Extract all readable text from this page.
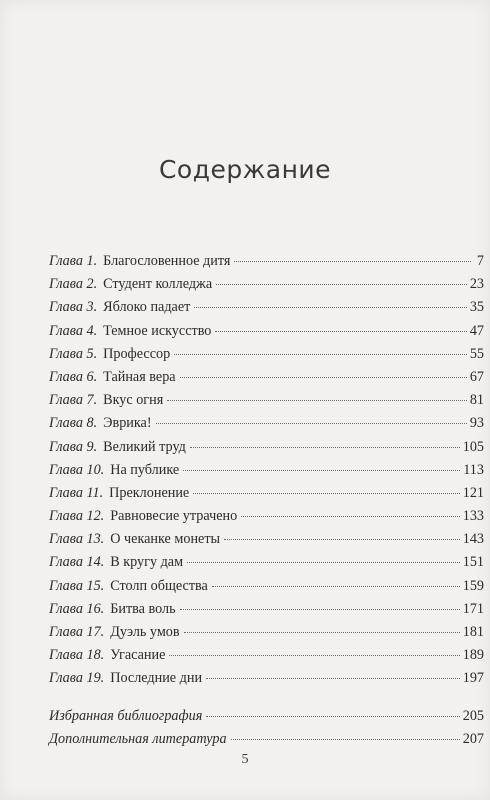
Содержание
Глава 1. Благословенное дитя	7
Глава 2. Студент колледжа	23
Глава 3. Яблоко падает	35
Глава 4. Темное искусство	47
Глава 5. Профессор	55
Глава 6. Тайная вера	67
Глава 7. Вкус огня	81
Глава 8. Эврика!	93
Глава 9. Великий труд	105
Глава 10. На публике	113
Глава 11. Преклонение	121
Глава 12. Равновесие утрачено	133
Глава 13. О чеканке монеты	143
Глава 14. В кругу дам	151
Глава 15. Столп общества	159
Глава 16. Битва воль	171
Глава 17. Дуэль умов	181
Глава 18. Угасание	189
Глава 19. Последние дни	197
Избранная библиография	205
Дополнительная литература	207
5
